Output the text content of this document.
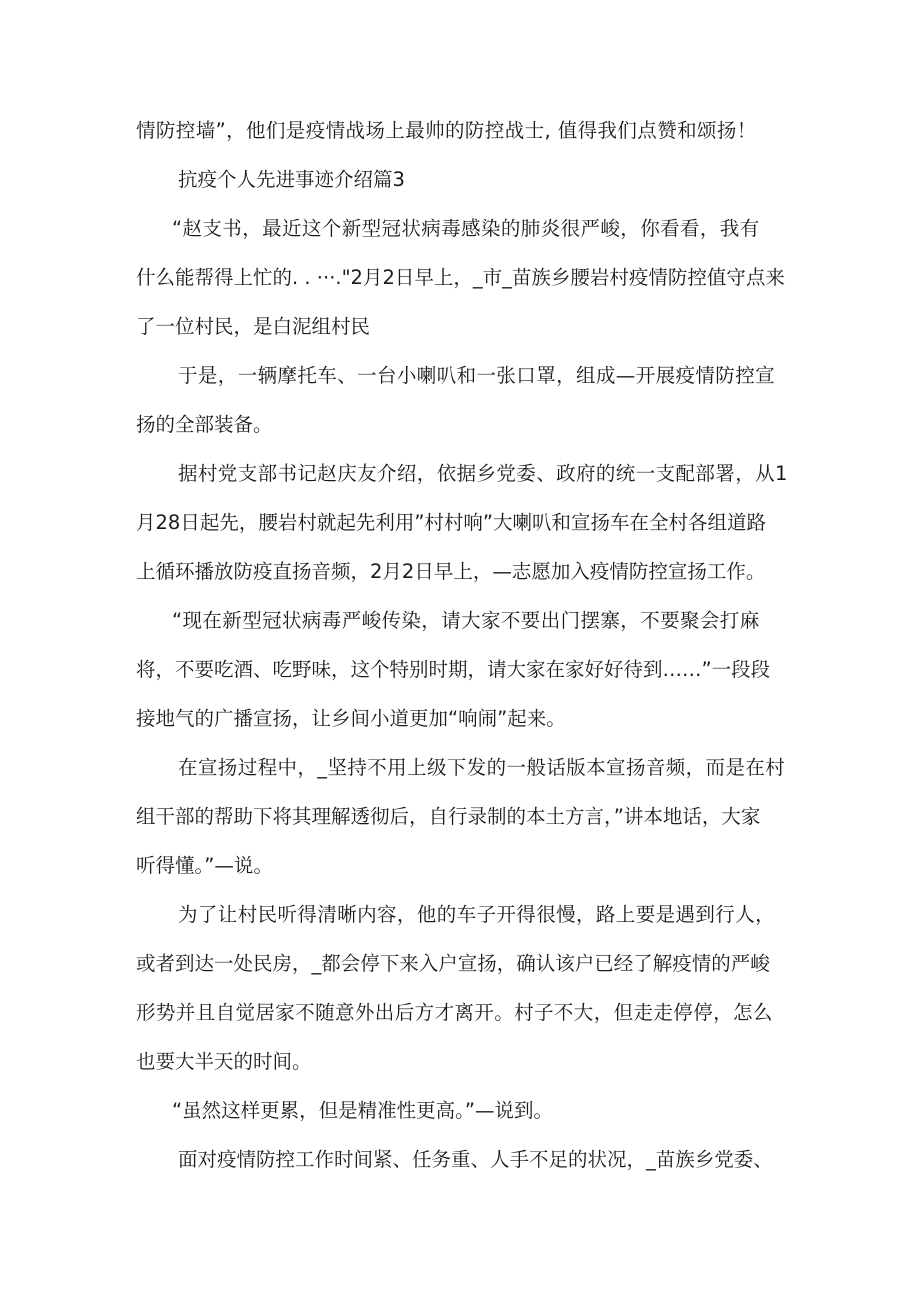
情防控墙”，他们是疫情战场上最帅的防控战士, 值得我们点赞和颂扬！

抗疫个人先进事迹介绍篇3

“赵支书，最近这个新型冠状病毒感染的肺炎很严峻，你看看，我有

什么能帮得上忙的. . ···."2月2日早上，_市_苗族乡腰岩村疫情防控值守点来

了一位村民，是白泥组村民

于是，一辆摩托车、一台小喇叭和一张口罩，组成—开展疫情防控宣

扬的全部装备。

据村党支部书记赵庆友介绍，依据乡党委、政府的统一支配部署，从1

月28日起先，腰岩村就起先利用”村村响”大喇叭和宣扬车在全村各组道路

上循环播放防疫直扬音频，2月2日早上，—志愿加入疫情防控宣扬工作。

“现在新型冠状病毒严峻传染，请大家不要出门摆寨，不要聚会打麻

将，不要吃酒、吃野味，这个特别时期，请大家在家好好待到……”一段段

接地气的广播宣扬，让乡间小道更加“响闹”起来。

在宣扬过程中，_坚持不用上级下发的一般话版本宣扬音频，而是在村

组干部的帮助下将其理解透彻后，自行录制的本土方言，”讲本地话，大家

听得懂。”—说。

为了让村民听得清晰内容，他的车子开得很慢，路上要是遇到行人，

或者到达一处民房，_都会停下来入户宣扬，确认该户已经了解疫情的严峻

形势并且自觉居家不随意外出后方才离开。村子不大，但走走停停，怎么

也要大半天的时间。

“虽然这样更累，但是精准性更高。”—说到。

面对疫情防控工作时间紧、任务重、人手不足的状况，_苗族乡党委、
